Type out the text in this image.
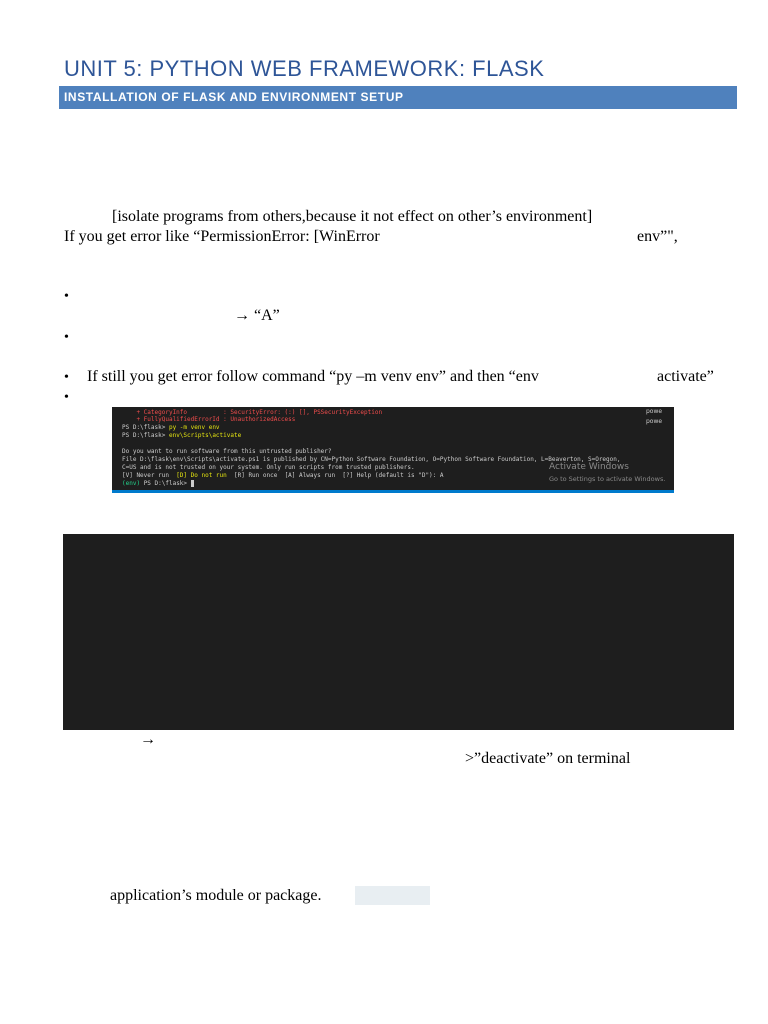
UNIT 5: PYTHON WEB FRAMEWORK: FLASK
INSTALLATION OF FLASK AND ENVIRONMENT SETUP
[isolate programs from others,because it not effect on other’s environment]
If you get error like “PermissionError: [WinError	env”",
•
→ “A”
•
• If still you get error follow command “py –m venv env” and then “env	activate”
•
+ CategoryInfo          : SecurityError: (:) [], PSSecurityException
+ FullyQualifiedErrorId : UnauthorizedAccess
PS D:\flask> py -m venv env
PS D:\flask> env\Scripts\activate
Do you want to run software from this untrusted publisher?
File D:\flask\env\Scripts\activate.ps1 is published by CN=Python Software Foundation, O=Python Software Foundation, L=Beaverton, S=Oregon,
C=US and is not trusted on your system. Only run scripts from trusted publishers.
[V] Never run  [D] Do not run  [R] Run once  [A] Always run  [?] Help (default is "D"): A
(env) PS D:\flask>
powe
powe
Activate Windows
Go to Settings to activate Windows.
→
>”deactivate” on terminal
application’s module or package.
